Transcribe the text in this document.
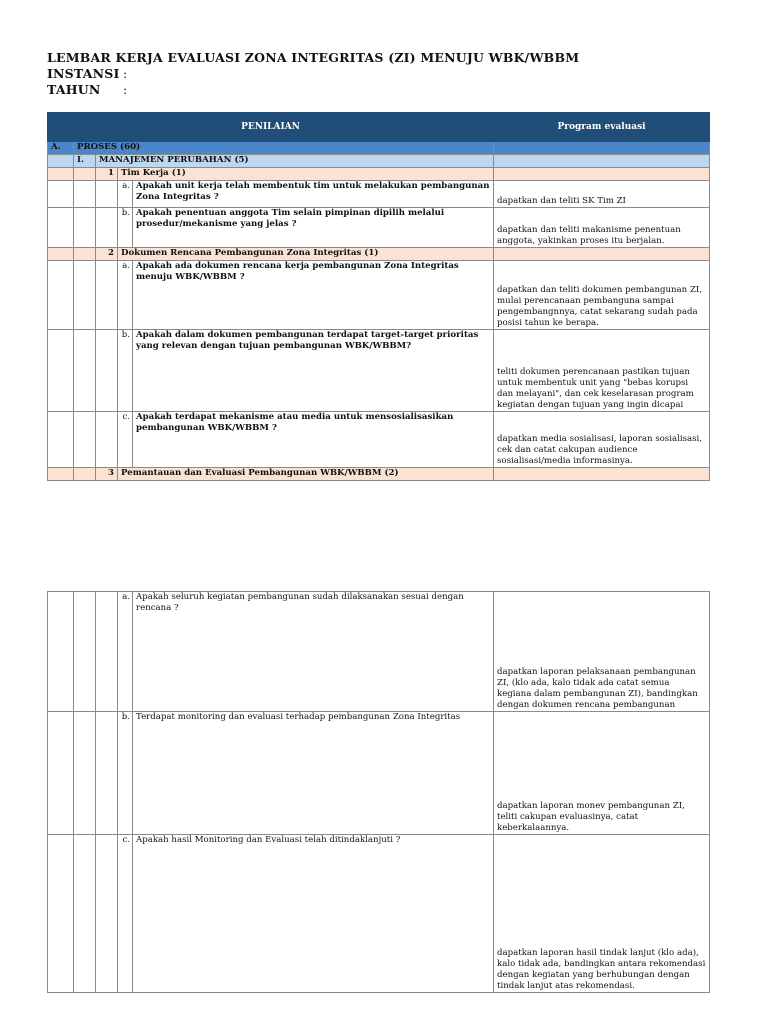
LEMBAR KERJA EVALUASI ZONA INTEGRITAS (ZI) MENUJU WBK/WBBM
INSTANSI :
TAHUN :
PENILAIAN					Program evaluasi
A.	PROSES (60)				
	I.	MANAJEMEN PERUBAHAN (5)			
		1	Tim Kerja (1)		
			a.	Apakah unit kerja telah membentuk tim untuk melakukan pembangunan Zona Integritas ?	dapatkan dan teliti SK Tim ZI
			b.	Apakah penentuan anggota Tim selain pimpinan dipilih melalui prosedur/mekanisme yang jelas ?	dapatkan dan teliti makanisme penentuan anggota, yakinkan proses itu berjalan.
		2	Dokumen Rencana Pembangunan Zona Integritas (1)		
			a.	Apakah ada dokumen rencana kerja pembangunan Zona Integritas menuju WBK/WBBM ?	dapatkan dan teliti dokumen pembangunan ZI, mulai perencanaan pembanguna sampai pengembangnnya, catat sekarang sudah pada posisi tahun ke berapa.
			b.	Apakah dalam dokumen pembangunan terdapat target-target prioritas yang relevan dengan tujuan pembangunan WBK/WBBM?	teliti dokumen perencanaan pastikan tujuan untuk membentuk unit yang "bebas korupsi dan melayani", dan cek keselarasan program kegiatan dengan tujuan yang ingin dicapai
			c.	Apakah terdapat mekanisme atau media untuk mensosialisasikan pembangunan WBK/WBBM ?	dapatkan media sosialisasi, laporan sosialisasi, cek dan catat cakupan audience sosialisasi/media informasinya.
		3	Pemantauan dan Evaluasi Pembangunan WBK/WBBM (2)		
			a.	Apakah seluruh kegiatan pembangunan sudah dilaksanakan sesuai dengan rencana ?	dapatkan laporan pelaksanaan pembangunan ZI, (klo ada, kalo tidak ada catat semua kegiana dalam pembangunan ZI), bandingkan dengan dokumen rencana pembangunan
			b.	Terdapat monitoring dan evaluasi terhadap pembangunan Zona Integritas	dapatkan laporan monev pembangunan ZI, teliti cakupan evaluasinya, catat keberkalaannya.
			c.	Apakah hasil Monitoring dan Evaluasi telah ditindaklanjuti ?	dapatkan laporan hasil tindak lanjut (klo ada), kalo tidak ada, bandingkan antara rekomendasi dengan kegiatan yang berhubungan dengan tindak lanjut atas rekomendasi.
